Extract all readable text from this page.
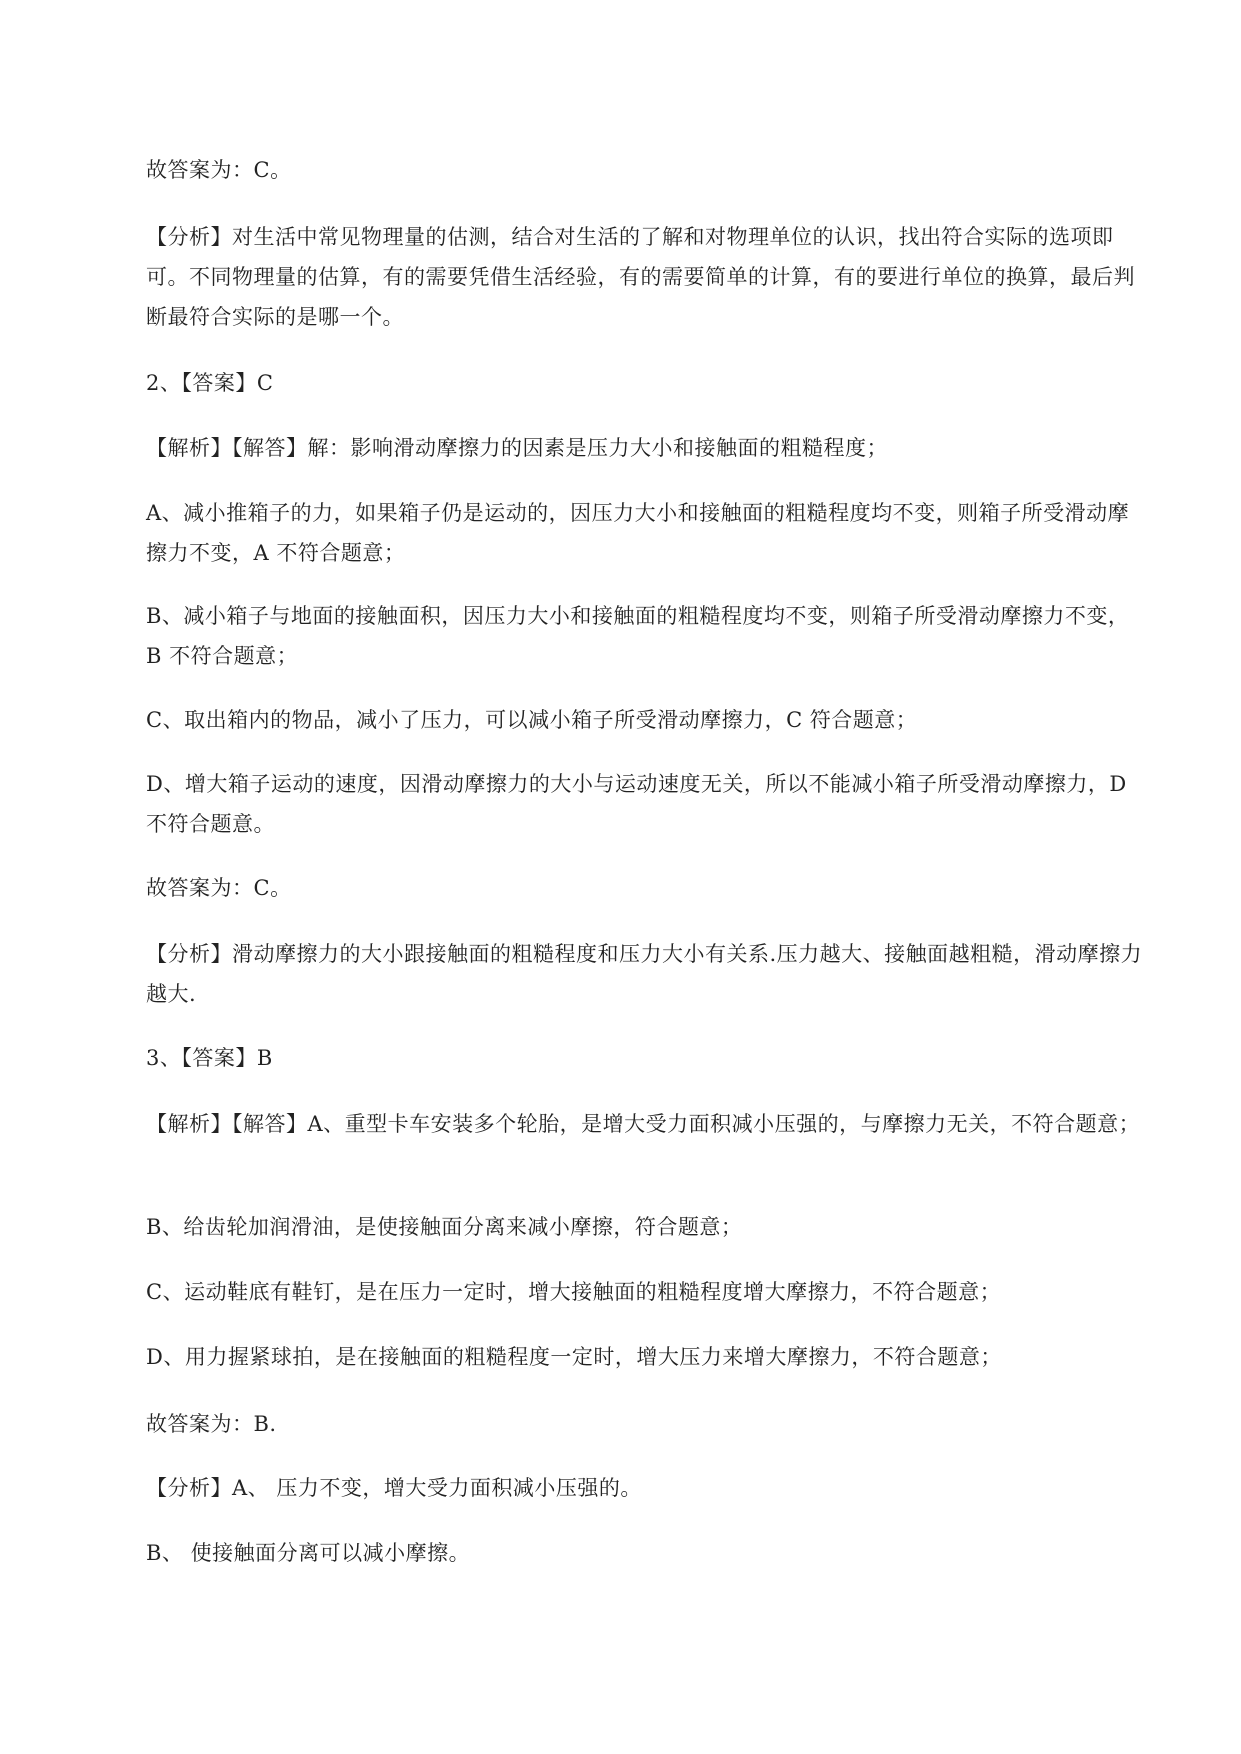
故答案为：C。

【分析】对生活中常见物理量的估测，结合对生活的了解和对物理单位的认识，找出符合实际的选项即可。不同物理量的估算，有的需要凭借生活经验，有的需要简单的计算，有的要进行单位的换算，最后判断最符合实际的是哪一个。

2、【答案】C

【解析】【解答】解：影响滑动摩擦力的因素是压力大小和接触面的粗糙程度；

A、减小推箱子的力，如果箱子仍是运动的，因压力大小和接触面的粗糙程度均不变，则箱子所受滑动摩擦力不变，A 不符合题意；

B、减小箱子与地面的接触面积，因压力大小和接触面的粗糙程度均不变，则箱子所受滑动摩擦力不变，B 不符合题意；

C、取出箱内的物品，减小了压力，可以减小箱子所受滑动摩擦力，C 符合题意；

D、增大箱子运动的速度，因滑动摩擦力的大小与运动速度无关，所以不能减小箱子所受滑动摩擦力，D 不符合题意。

故答案为：C。

【分析】滑动摩擦力的大小跟接触面的粗糙程度和压力大小有关系.压力越大、接触面越粗糙，滑动摩擦力越大.

3、【答案】B

【解析】【解答】A、重型卡车安装多个轮胎，是增大受力面积减小压强的，与摩擦力无关，不符合题意；

B、给齿轮加润滑油，是使接触面分离来减小摩擦，符合题意；

C、运动鞋底有鞋钉，是在压力一定时，增大接触面的粗糙程度增大摩擦力，不符合题意；

D、用力握紧球拍，是在接触面的粗糙程度一定时，增大压力来增大摩擦力，不符合题意；

故答案为：B.

【分析】A、 压力不变，增大受力面积减小压强的。

B、 使接触面分离可以减小摩擦。
